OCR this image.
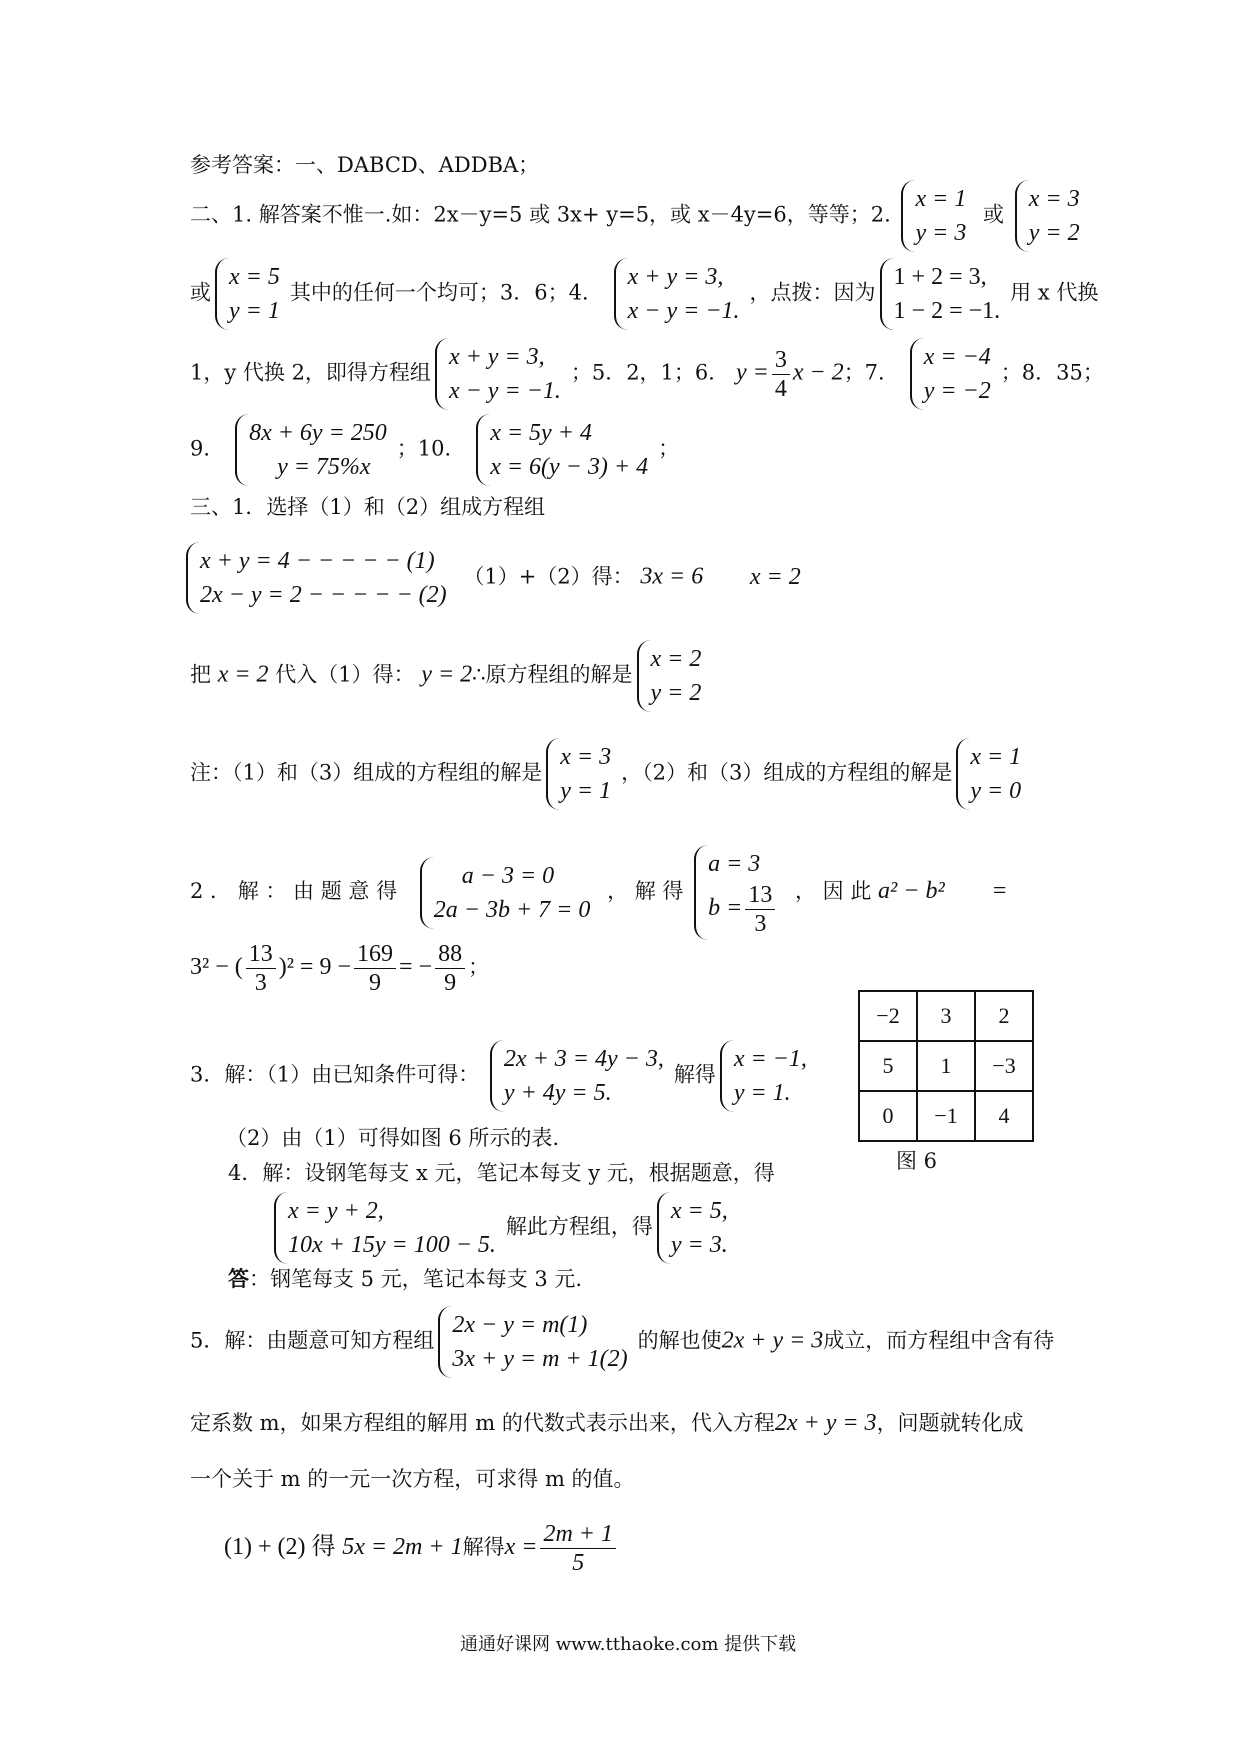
参考答案：一、DABCD、ADDBA；
二、1. 解答案不惟一.如：2x－y=5 或 3x+ y=5，或 x－4y=6，等等；2.
x = 1
y = 3
或
x = 3
y = 2
或
x = 5
y = 1
其中的任何一个均可；3．6；4．
x + y = 3,
x − y = −1.
，点拨：因为
1 + 2 = 3,
1 − 2 = −1.
用 x 代换
1，y 代换 2，即得方程组
x + y = 3,
x − y = −1.
；5．2，1；6． $y = \frac{3}{4}$ x − 2；7．
x = −4
y = −2
；8．35；
9．
8x + 6y = 250
y = 75%x
；10．
x = 5y + 4
x = 6(y − 3) + 4
；
三、1．选择（1）和（2）组成方程组
x + y = 4 − − − − − (1)
2x − y = 2 − − − − − (2)
（1）+（2）得： 3x = 6 x = 2
把 x = 2 代入（1）得： y = 2∴原方程组的解是
x = 2
y = 2
注：（1）和（3）组成的方程组的解是
x = 3
y = 1
，（2）和（3）组成的方程组的解是
x = 1
y = 0
2 ． 解 ： 由 题 意 得
a − 3 = 0
2a − 3b + 7 = 0
， 解 得
a = 3
$b = \frac{13}{3}$ ， 因 此 a² − b² =
3² − ( $\frac{13}{3} )^2 = 9 - \frac{169}{9}$ = − $\frac{88}{9}$ ；
3．解：（1）由已知条件可得：
2x + 3 = 4y − 3,
y + 4y = 5.
解得
x = −1,
y = 1.
（2）由（1）可得如图 6 所示的表.
4．解：设钢笔每支 x 元，笔记本每支 y 元，根据题意，得
x = y + 2,
10x + 15y = 100 − 5.
解此方程组，得
x = 5,
y = 3.
答：钢笔每支 5 元，笔记本每支 3 元.
5．解：由题意可知方程组
2x − y = m(1)
3x + y = m + 1(2)
的解也使2x + y = 3成立，而方程组中含有待
定系数 m，如果方程组的解用 m 的代数式表示出来，代入方程2x + y = 3，问题就转化成
一个关于 m 的一元一次方程，可求得 m 的值。
(1) + (2) 得 5x = 2m + 1解得$x = \frac{2m + 1}{5}$
−2	3	2
5	1	−3
0	−1	4
图 6
通通好课网 www.tthaoke.com 提供下载
